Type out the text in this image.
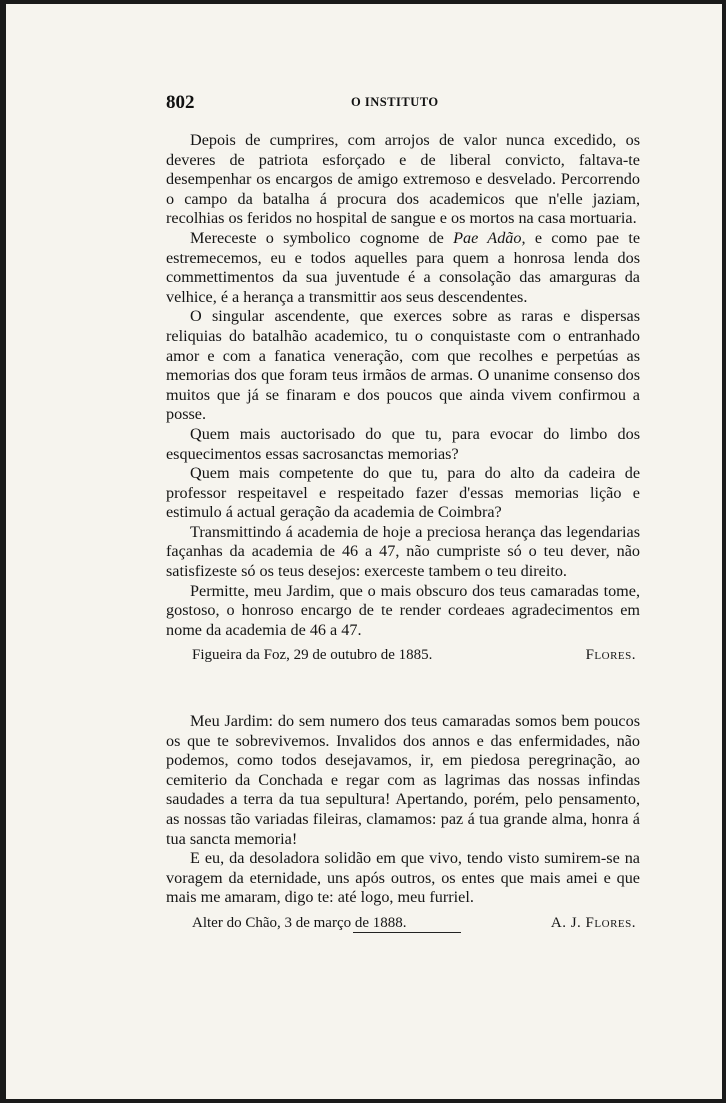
802	O INSTITUTO

Depois de cumprires, com arrojos de valor nunca excedido, os deveres de patriota esforçado e de liberal convicto, faltava-te desempenhar os encargos de amigo extremoso e desvelado. Percorrendo o campo da batalha á procura dos academicos que n'elle jaziam, recolhias os feridos no hospital de sangue e os mortos na casa mortuaria.

Mereceste o symbolico cognome de Pae Adão, e como pae te estremecemos, eu e todos aquelles para quem a honrosa lenda dos commettimentos da sua juventude é a consolação das amarguras da velhice, é a herança a transmittir aos seus descendentes.

O singular ascendente, que exerces sobre as raras e dispersas reliquias do batalhão academico, tu o conquistaste com o entranhado amor e com a fanatica veneração, com que recolhes e perpetúas as memorias dos que foram teus irmãos de armas. O unanime consenso dos muitos que já se finaram e dos poucos que ainda vivem confirmou a posse.

Quem mais auctorisado do que tu, para evocar do limbo dos esquecimentos essas sacrosanctas memorias?

Quem mais competente do que tu, para do alto da cadeira de professor respeitavel e respeitado fazer d'essas memorias lição e estimulo á actual geração da academia de Coimbra?

Transmittindo á academia de hoje a preciosa herança das legendarias façanhas da academia de 46 a 47, não cumpriste só o teu dever, não satisfizeste só os teus desejos: exerceste tambem o teu direito.

Permitte, meu Jardim, que o mais obscuro dos teus camaradas tome, gostoso, o honroso encargo de te render cordeaes agradecimentos em nome da academia de 46 a 47.

Figueira da Foz, 29 de outubro de 1885.	Flores.

Meu Jardim: do sem numero dos teus camaradas somos bem poucos os que te sobrevivemos. Invalidos dos annos e das enfermidades, não podemos, como todos desejavamos, ir, em piedosa peregrinação, ao cemiterio da Conchada e regar com as lagrimas das nossas infindas saudades a terra da tua sepultura! Apertando, porém, pelo pensamento, as nossas tão variadas fileiras, clamamos: paz á tua grande alma, honra á tua sancta memoria!

E eu, da desoladora solidão em que vivo, tendo visto sumirem-se na voragem da eternidade, uns após outros, os entes que mais amei e que mais me amaram, digo te: até logo, meu furriel.

Alter do Chão, 3 de março de 1888.	A. J. Flores.
